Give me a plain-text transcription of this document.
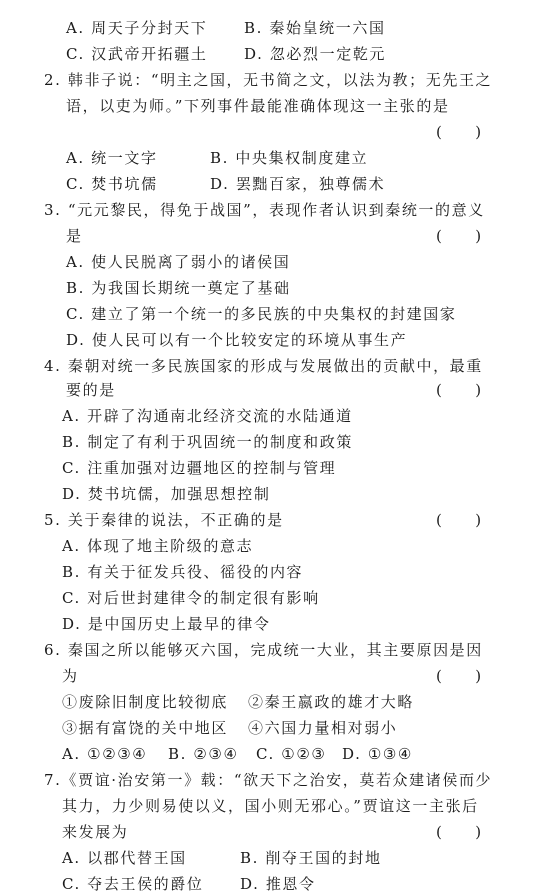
A. 周天子分封天下 B. 秦始皇统一六国
C. 汉武帝开拓疆土 D. 忽必烈一定乾元
2. 韩非子说：“明主之国，无书简之文，以法为教；无先王之
语，以吏为师。”下列事件最能准确体现这一主张的是
(       )
A. 统一文字	B. 中央集权制度建立
C. 焚书坑儒	D. 罢黜百家，独尊儒术
3. “元元黎民，得免于战国”，表现作者认识到秦统一的意义
是	(       )
A. 使人民脱离了弱小的诸侯国
B. 为我国长期统一奠定了基础
C. 建立了第一个统一的多民族的中央集权的封建国家
D. 使人民可以有一个比较安定的环境从事生产
4. 秦朝对统一多民族国家的形成与发展做出的贡献中，最重
要的是	(       )
A. 开辟了沟通南北经济交流的水陆通道
B. 制定了有利于巩固统一的制度和政策
C. 注重加强对边疆地区的控制与管理
D. 焚书坑儒，加强思想控制
5. 关于秦律的说法，不正确的是	(       )
A. 体现了地主阶级的意志
B. 有关于征发兵役、徭役的内容
C. 对后世封建律令的制定很有影响
D. 是中国历史上最早的律令
6. 秦国之所以能够灭六国，完成统一大业，其主要原因是因
为	(       )
①废除旧制度比较彻底 ②秦王嬴政的雄才大略
③据有富饶的关中地区 ④六国力量相对弱小
A. ①②③④ B. ②③④ C. ①②③ D. ①③④
7.《贾谊·治安第一》载：“欲天下之治安，莫若众建诸侯而少
其力，力少则易使以义，国小则无邪心。”贾谊这一主张后
来发展为	(       )
A. 以郡代替王国	B. 削夺王国的封地
C. 夺去王侯的爵位 D. 推恩令
